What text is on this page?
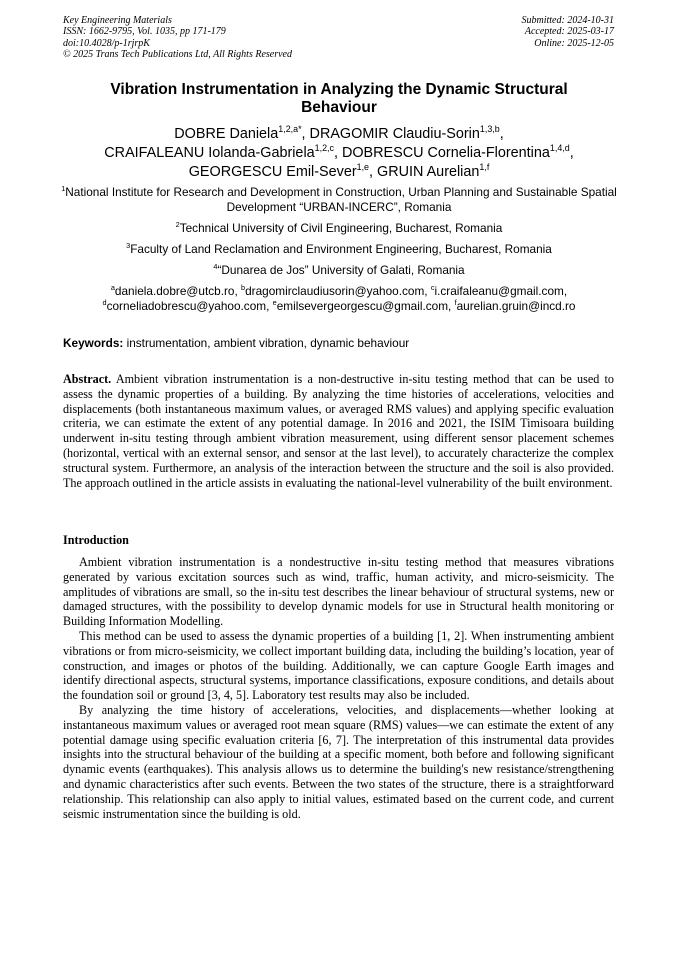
Key Engineering Materials
ISSN: 1662-9795, Vol. 1035, pp 171-179
doi:10.4028/p-1rjrpK
© 2025 Trans Tech Publications Ltd, All Rights Reserved
Submitted: 2024-10-31
Accepted: 2025-03-17
Online: 2025-12-05
Vibration Instrumentation in Analyzing the Dynamic Structural Behaviour
DOBRE Daniela$^{1,2,a*}$, DRAGOMIR Claudiu-Sorin$^{1,3,b}$,
CRAIFALEANU Iolanda-Gabriela$^{1,2,c}$, DOBRESCU Cornelia-Florentina$^{1,4,d}$,
GEORGESCU Emil-Sever$^{1,e}$, GRUIN Aurelian$^{1,f}$

$^1$National Institute for Research and Development in Construction, Urban Planning and Sustainable Spatial Development “URBAN-INCERC”, Romania

$^2$Technical University of Civil Engineering, Bucharest, Romania

$^3$Faculty of Land Reclamation and Environment Engineering, Bucharest, Romania

$^4$“Dunarea de Jos” University of Galati, Romania

$^a$daniela.dobre@utcb.ro, $^b$dragomirclaudiusorin@yahoo.com, $^c$i.craifaleanu@gmail.com,
$^d$corneliadobrescu@yahoo.com, $^e$emilsevergeorgescu@gmail.com, $^f$aurelian.gruin@incd.ro

Keywords: instrumentation, ambient vibration, dynamic behaviour
Abstract. Ambient vibration instrumentation is a non-destructive in-situ testing method that can be used to assess the dynamic properties of a building. By analyzing the time histories of accelerations, velocities and displacements (both instantaneous maximum values, or averaged RMS values) and applying specific evaluation criteria, we can estimate the extent of any potential damage. In 2016 and 2021, the ISIM Timisoara building underwent in-situ testing through ambient vibration measurement, using different sensor placement schemes (horizontal, vertical with an external sensor, and sensor at the last level), to accurately characterize the complex structural system. Furthermore, an analysis of the interaction between the structure and the soil is also provided. The approach outlined in the article assists in evaluating the national-level vulnerability of the built environment.
Introduction

Ambient vibration instrumentation is a nondestructive in-situ testing method that measures vibrations generated by various excitation sources such as wind, traffic, human activity, and micro-seismicity. The amplitudes of vibrations are small, so the in-situ test describes the linear behaviour of structural systems, new or damaged structures, with the possibility to develop dynamic models for use in Structural health monitoring or Building Information Modelling.

This method can be used to assess the dynamic properties of a building [1, 2]. When instrumenting ambient vibrations or from micro-seismicity, we collect important building data, including the building’s location, year of construction, and images or photos of the building. Additionally, we can capture Google Earth images and identify directional aspects, structural systems, importance classifications, exposure conditions, and details about the foundation soil or ground [3, 4, 5]. Laboratory test results may also be included.

By analyzing the time history of accelerations, velocities, and displacements—whether looking at instantaneous maximum values or averaged root mean square (RMS) values—we can estimate the extent of any potential damage using specific evaluation criteria [6, 7]. The interpretation of this instrumental data provides insights into the structural behaviour of the building at a specific moment, both before and following significant dynamic events (earthquakes). This analysis allows us to determine the building's new resistance/strengthening and dynamic characteristics after such events. Between the two states of the structure, there is a straightforward relationship. This relationship can also apply to initial values, estimated based on the current code, and current seismic instrumentation since the building is old.
